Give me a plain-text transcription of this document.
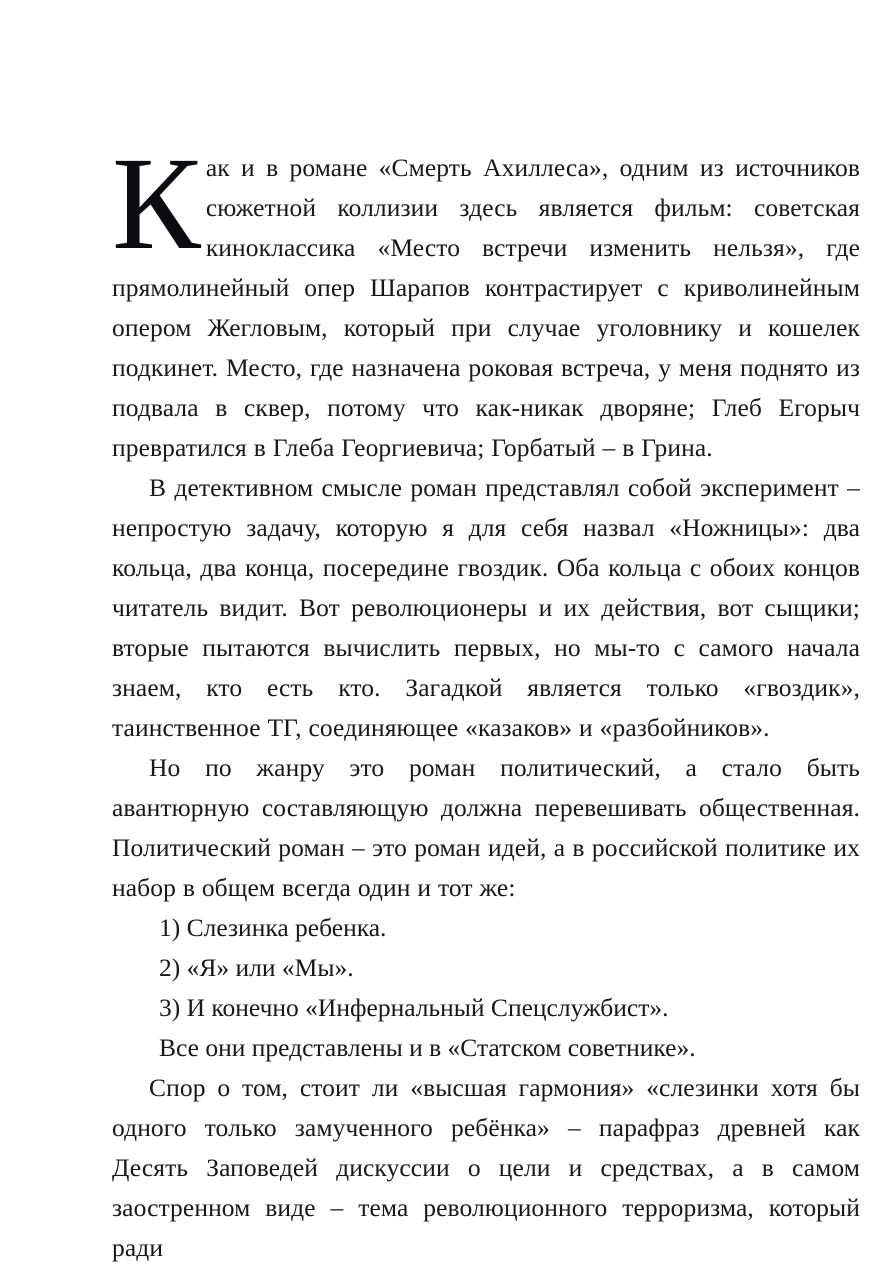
Как и в романе «Смерть Ахиллеса», одним из источников сюжетной коллизии здесь является фильм: советская киноклассика «Место встречи изменить нельзя», где прямолинейный опер Шарапов контрастирует с криволинейным опером Жегловым, который при случае уголовнику и кошелек подкинет. Место, где назначена роковая встреча, у меня поднято из подвала в сквер, потому что как-никак дворяне; Глеб Егорыч превратился в Глеба Георгиевича; Горбатый – в Грина.

В детективном смысле роман представлял собой эксперимент – непростую задачу, которую я для себя назвал «Ножницы»: два кольца, два конца, посередине гвоздик. Оба кольца с обоих концов читатель видит. Вот революционеры и их действия, вот сыщики; вторые пытаются вычислить первых, но мы-то с самого начала знаем, кто есть кто. Загадкой является только «гвоздик», таинственное ТГ, соединяющее «казаков» и «разбойников».

Но по жанру это роман политический, а стало быть авантюрную составляющую должна перевешивать общественная. Политический роман – это роман идей, а в российской политике их набор в общем всегда один и тот же:

1) Слезинка ребенка.

2) «Я» или «Мы».

3) И конечно «Инфернальный Спецслужбист».

Все они представлены и в «Статском советнике».

Спор о том, стоит ли «высшая гармония» «слезинки хотя бы одного только замученного ребёнка» – парафраз древней как Десять Заповедей дискуссии о цели и средствах, а в самом заостренном виде – тема революционного терроризма, который ради
